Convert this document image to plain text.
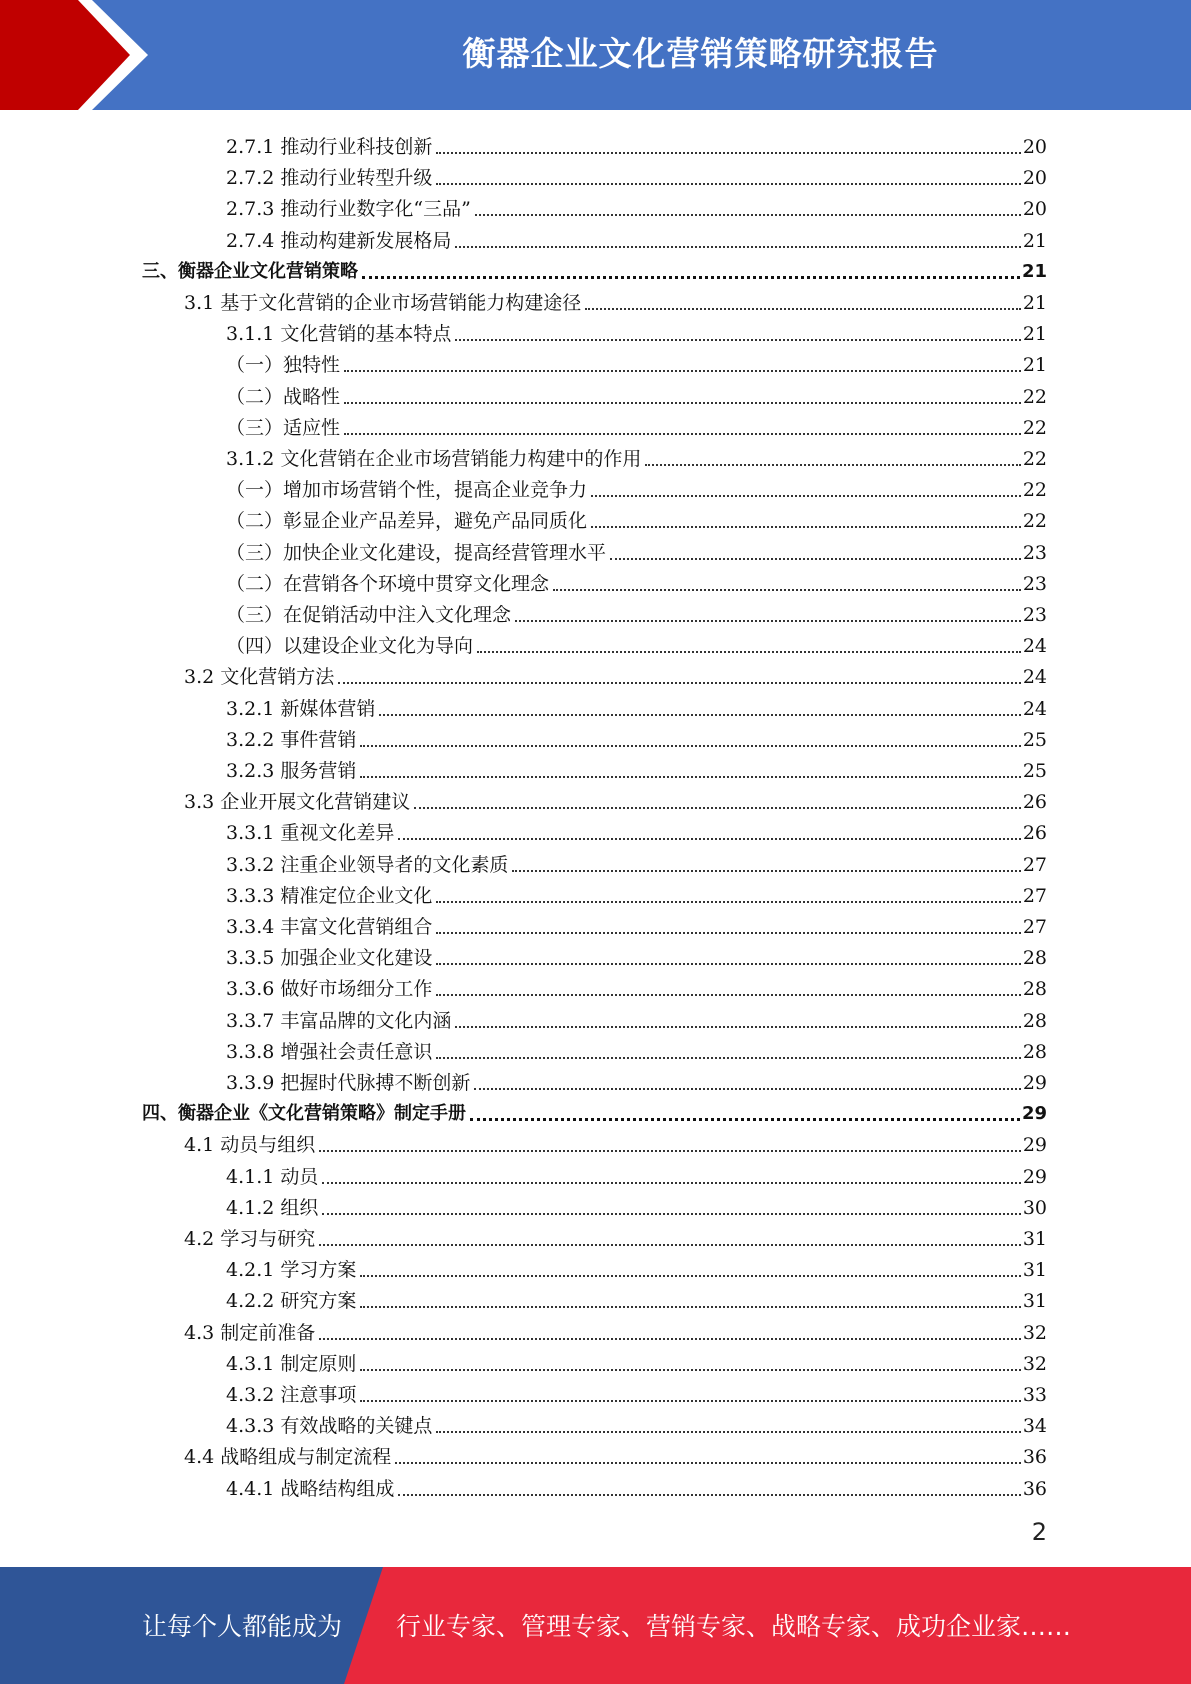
衡器企业文化营销策略研究报告
2.7.1 推动行业科技创新	20
2.7.2 推动行业转型升级	20
2.7.3 推动行业数字化“三品”	20
2.7.4 推动构建新发展格局	21
三、衡器企业文化营销策略	21
3.1 基于文化营销的企业市场营销能力构建途径	21
3.1.1 文化营销的基本特点	21
（一）独特性	21
（二）战略性	22
（三）适应性	22
3.1.2 文化营销在企业市场营销能力构建中的作用	22
（一）增加市场营销个性，提高企业竞争力	22
（二）彰显企业产品差异，避免产品同质化	22
（三）加快企业文化建设，提高经营管理水平	23
（二）在营销各个环境中贯穿文化理念	23
（三）在促销活动中注入文化理念	23
（四）以建设企业文化为导向	24
3.2 文化营销方法	24
3.2.1 新媒体营销	24
3.2.2 事件营销	25
3.2.3 服务营销	25
3.3 企业开展文化营销建议	26
3.3.1 重视文化差异	26
3.3.2 注重企业领导者的文化素质	27
3.3.3 精准定位企业文化	27
3.3.4 丰富文化营销组合	27
3.3.5 加强企业文化建设	28
3.3.6 做好市场细分工作	28
3.3.7 丰富品牌的文化内涵	28
3.3.8 增强社会责任意识	28
3.3.9 把握时代脉搏不断创新	29
四、衡器企业《文化营销策略》制定手册	29
4.1 动员与组织	29
4.1.1 动员	29
4.1.2 组织	30
4.2 学习与研究	31
4.2.1 学习方案	31
4.2.2 研究方案	31
4.3 制定前准备	32
4.3.1 制定原则	32
4.3.2 注意事项	33
4.3.3 有效战略的关键点	34
4.4 战略组成与制定流程	36
4.4.1 战略结构组成	36
2
让每个人都能成为 行业专家、管理专家、营销专家、战略专家、成功企业家……
